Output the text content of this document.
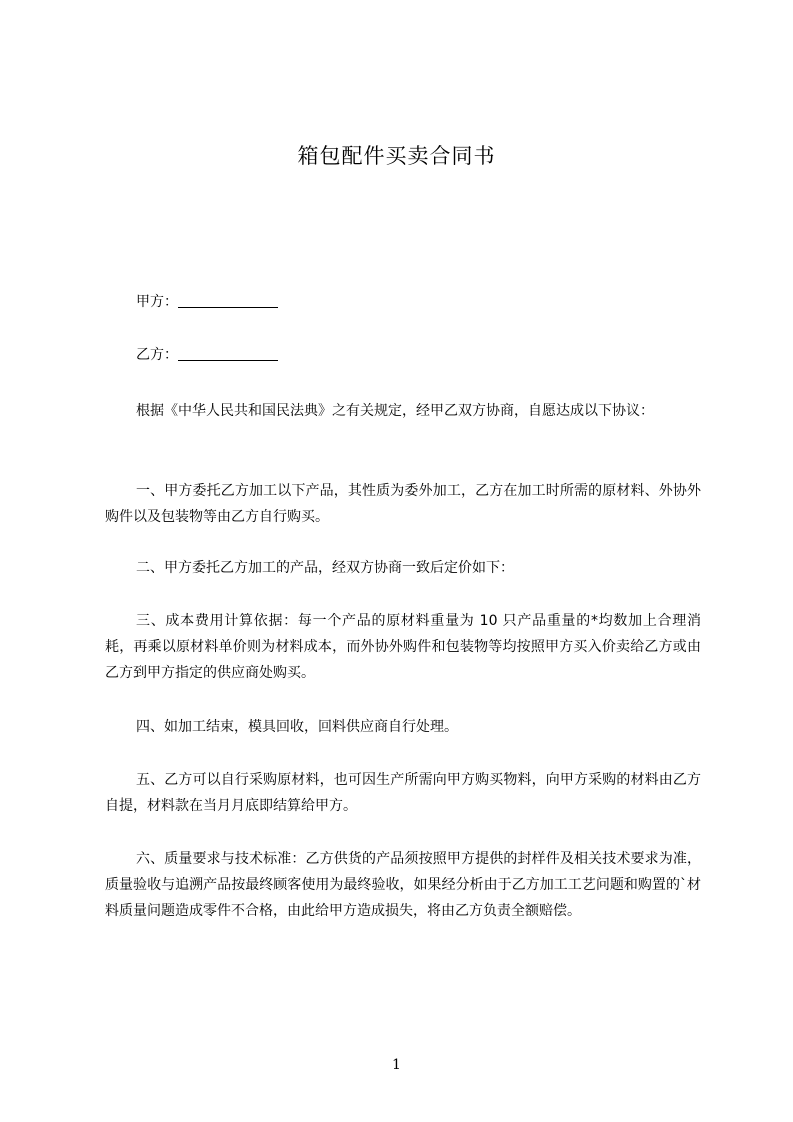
箱包配件买卖合同书
甲方：
乙方：

根据《中华人民共和国民法典》之有关规定，经甲乙双方协商，自愿达成以下协议：

一、甲方委托乙方加工以下产品，其性质为委外加工，乙方在加工时所需的原材料、外协外购件以及包装物等由乙方自行购买。

二、甲方委托乙方加工的产品，经双方协商一致后定价如下：

三、成本费用计算依据：每一个产品的原材料重量为 10 只产品重量的*均数加上合理消耗，再乘以原材料单价则为材料成本，而外协外购件和包装物等均按照甲方买入价卖给乙方或由乙方到甲方指定的供应商处购买。

四、如加工结束，模具回收，回料供应商自行处理。

五、乙方可以自行采购原材料，也可因生产所需向甲方购买物料，向甲方采购的材料由乙方自提，材料款在当月月底即结算给甲方。

六、质量要求与技术标准：乙方供货的产品须按照甲方提供的封样件及相关技术要求为准，质量验收与追溯产品按最终顾客使用为最终验收，如果经分析由于乙方加工工艺问题和购置的`材料质量问题造成零件不合格，由此给甲方造成损失，将由乙方负责全额赔偿。

1
